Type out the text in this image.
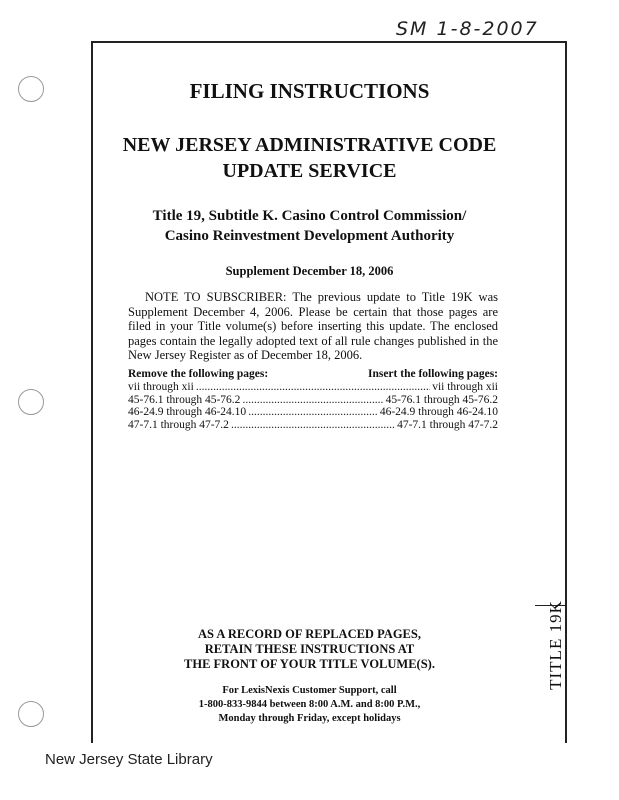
SM 1-8-2007
TITLE 19K
FILING INSTRUCTIONS
NEW JERSEY ADMINISTRATIVE CODE
UPDATE SERVICE
Title 19, Subtitle K. Casino Control Commission/
Casino Reinvestment Development Authority
Supplement December 18, 2006
NOTE TO SUBSCRIBER: The previous update to Title 19K was Supplement December 4, 2006. Please be certain that those pages are filed in your Title volume(s) before inserting this update. The enclosed pages contain the legally adopted text of all rule changes published in the New Jersey Register as of December 18, 2006.
Remove the following pages:	Insert the following pages:
vii through xii .....	vii through xii
45-76.1 through 45-76.2 .....	45-76.1 through 45-76.2
46-24.9 through 46-24.10 .....	46-24.9 through 46-24.10
47-7.1 through 47-7.2 .....	47-7.1 through 47-7.2
AS A RECORD OF REPLACED PAGES,
RETAIN THESE INSTRUCTIONS AT
THE FRONT OF YOUR TITLE VOLUME(S).
For LexisNexis Customer Support, call
1-800-833-9844 between 8:00 A.M. and 8:00 P.M.,
Monday through Friday, except holidays
New Jersey State Library
